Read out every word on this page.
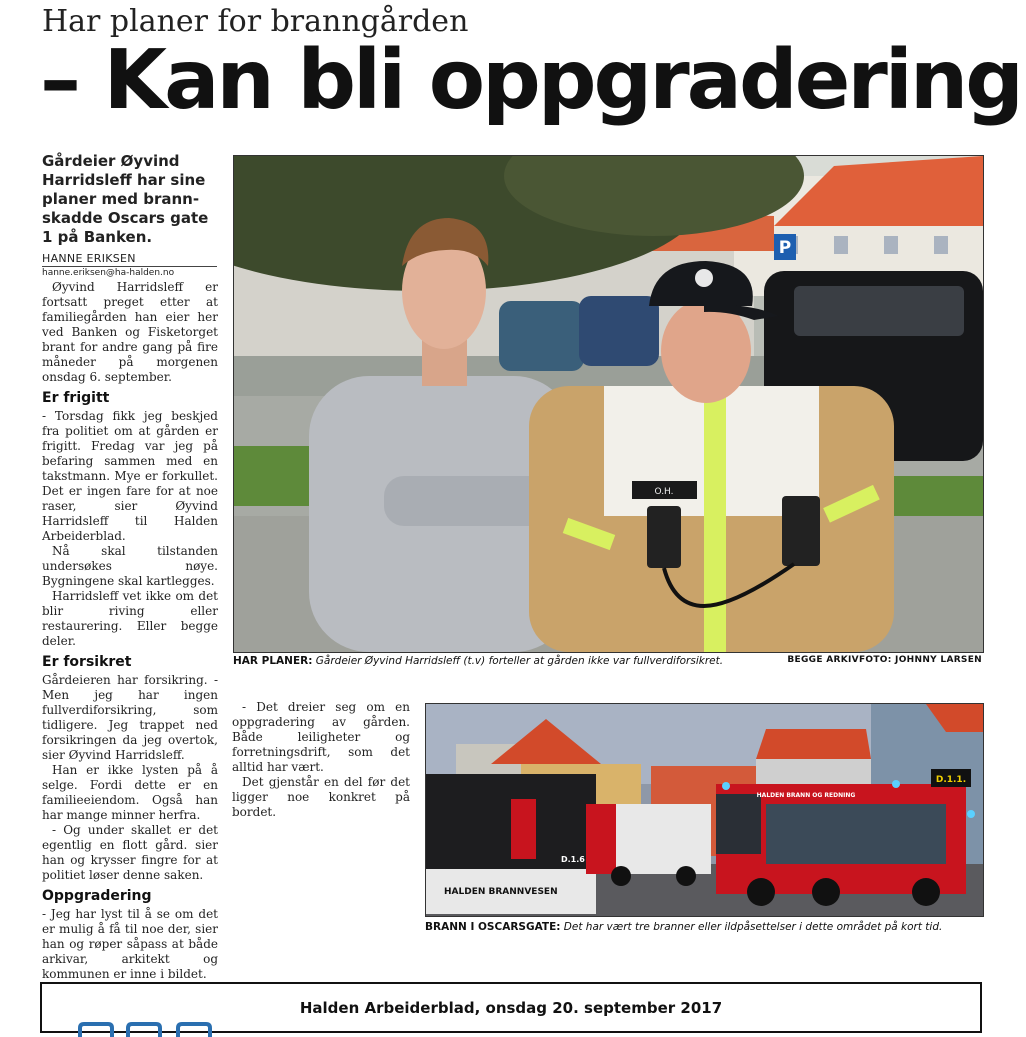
Har planer for branngården
– Kan bli oppgradering
Gårdeier Øyvind Harridsleff har sine planer med brann-skadde Oscars gate 1 på Banken.
HANNE ERIKSEN
hanne.eriksen@ha-halden.no

Øyvind Harridsleff er fortsatt preget etter at familiegården han eier her ved Banken og Fisketorget brant for andre gang på fire måneder på morgenen onsdag 6. september.

Er frigitt

- Torsdag fikk jeg beskjed fra politiet om at gården er frigitt. Fredag var jeg på befaring sammen med en takstmann. Mye er forkullet. Det er ingen fare for at noe raser, sier Øyvind Harridsleff til Halden Arbeiderblad.

Nå skal tilstanden undersøkes nøye. Bygningene skal kartlegges.

Harridsleff vet ikke om det blir riving eller restaurering. Eller begge deler.

Er forsikret

Gårdeieren har forsikring. - Men jeg har ingen fullverdiforsikring, som tidligere. Jeg trappet ned forsikringen da jeg overtok, sier Øyvind Harridsleff.

Han er ikke lysten på å selge. Fordi dette er en familieeiendom. Også han har mange minner herfra.

- Og under skallet er det egentlig en flott gård. sier han og krysser fingre for at politiet løser denne saken.

Oppgradering

- Jeg har lyst til å se om det er mulig å få til noe der, sier han og røper såpass at både arkivar, arkitekt og kommunen er inne i bildet.

P
O.H.
HAR PLANER: Gårdeier Øyvind Harridsleff (t.v) forteller at gården ikke var fullverdiforsikret.	BEGGE ARKIVFOTO: JOHNNY LARSEN

- Det dreier seg om en oppgradering av gården. Både leiligheter og forretningsdrift, som det alltid har vært.

Det gjenstår en del før det ligger noe konkret på bordet.

D.1.6
HALDEN BRANNVESEN
D.1.1.
HALDEN BRANN OG REDNING
BRANN I OSCARSGATE: Det har vært tre branner eller ildpåsettelser i dette området på kort tid.
Halden Arbeiderblad, onsdag 20. september 2017
